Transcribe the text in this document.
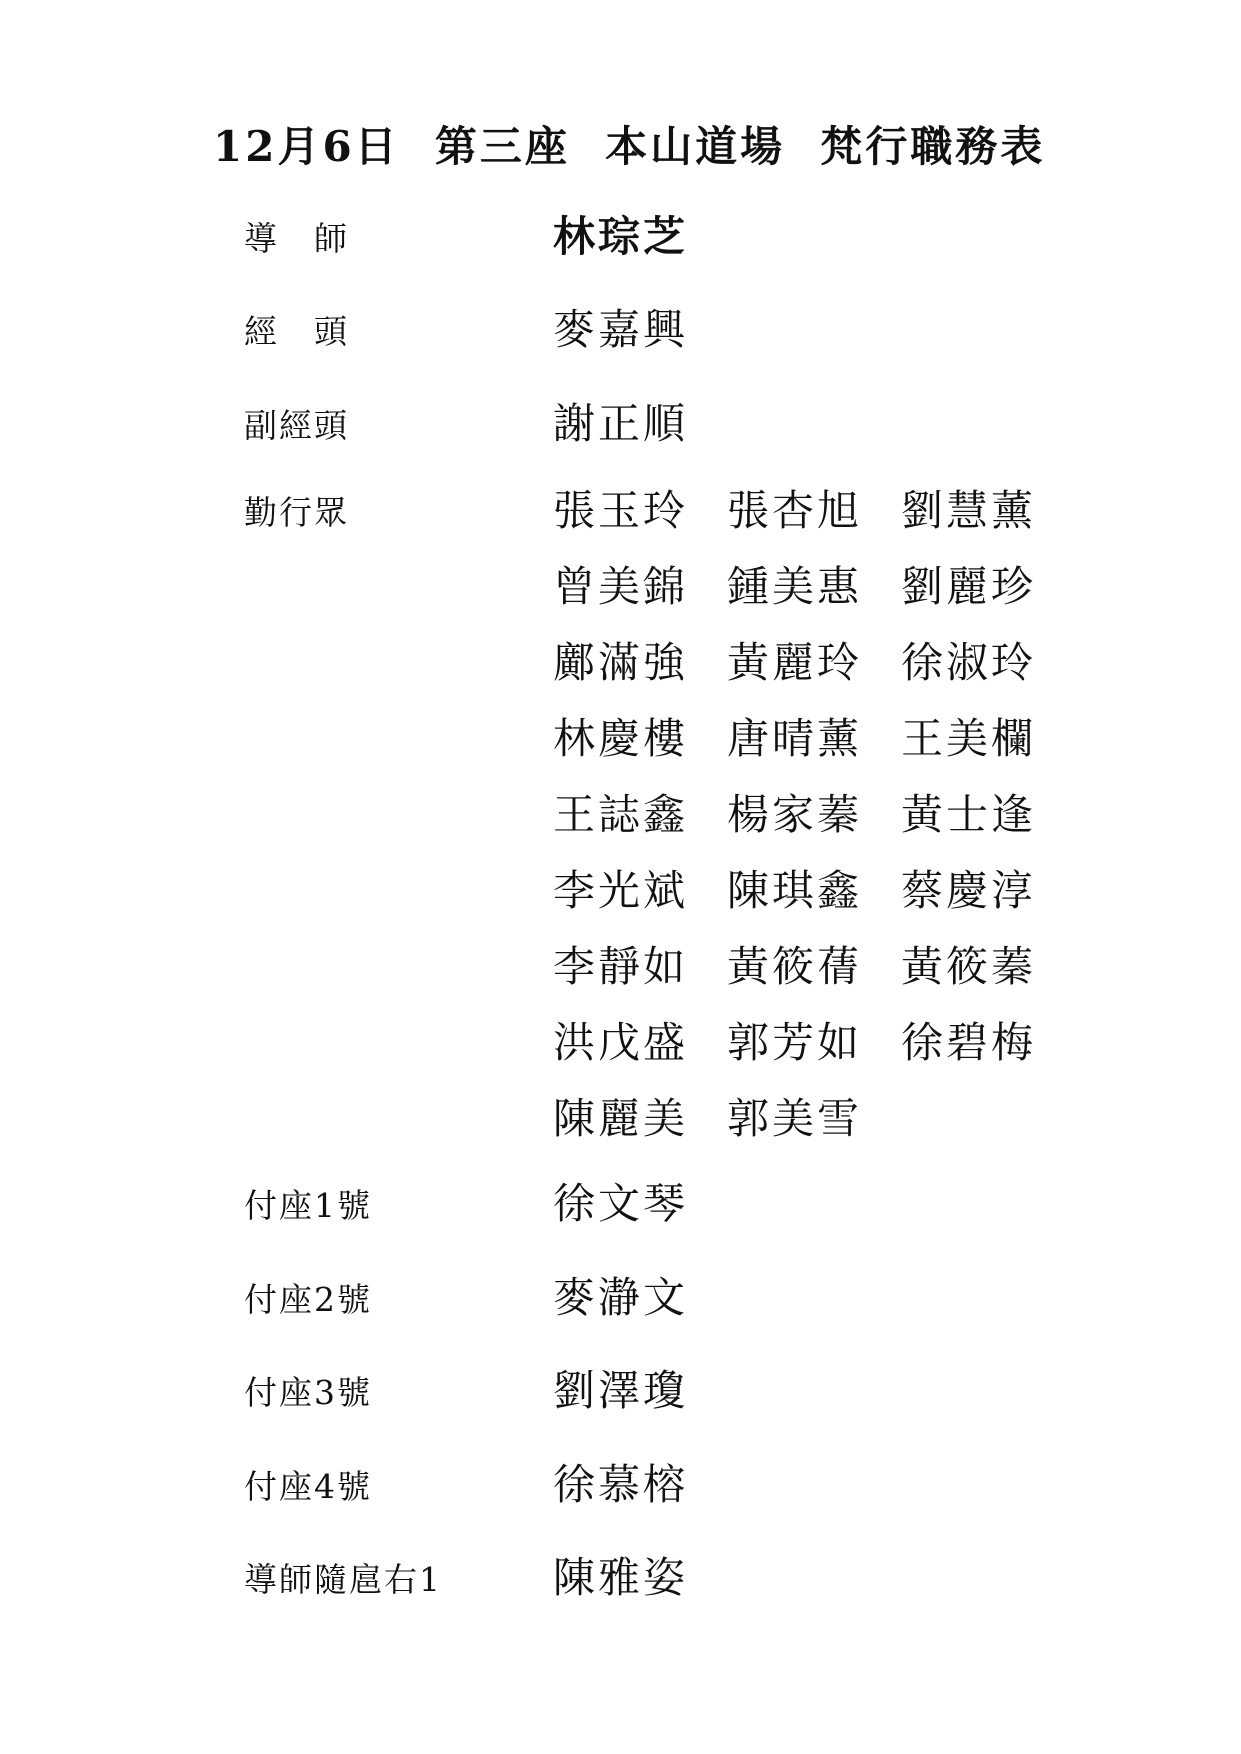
12月6日  第三座  本山道場  梵行職務表
導　師	林琮芝
經　頭	麥嘉興
副經頭	謝正順
勤行眾	張玉玲 張杏旭 劉慧薰
曾美錦 鍾美惠 劉麗珍
鄺滿強 黃麗玲 徐淑玲
林慶樓 唐晴薰 王美欄
王誌鑫 楊家蓁 黃士逢
李光斌 陳琪鑫 蔡慶淳
李靜如 黃筱蒨 黃筱蓁
洪戊盛 郭芳如 徐碧梅
陳麗美 郭美雪
付座1號	徐文琴
付座2號	麥瀞文
付座3號	劉澤瓊
付座4號	徐慕榕
導師隨扈右1	陳雅姿
